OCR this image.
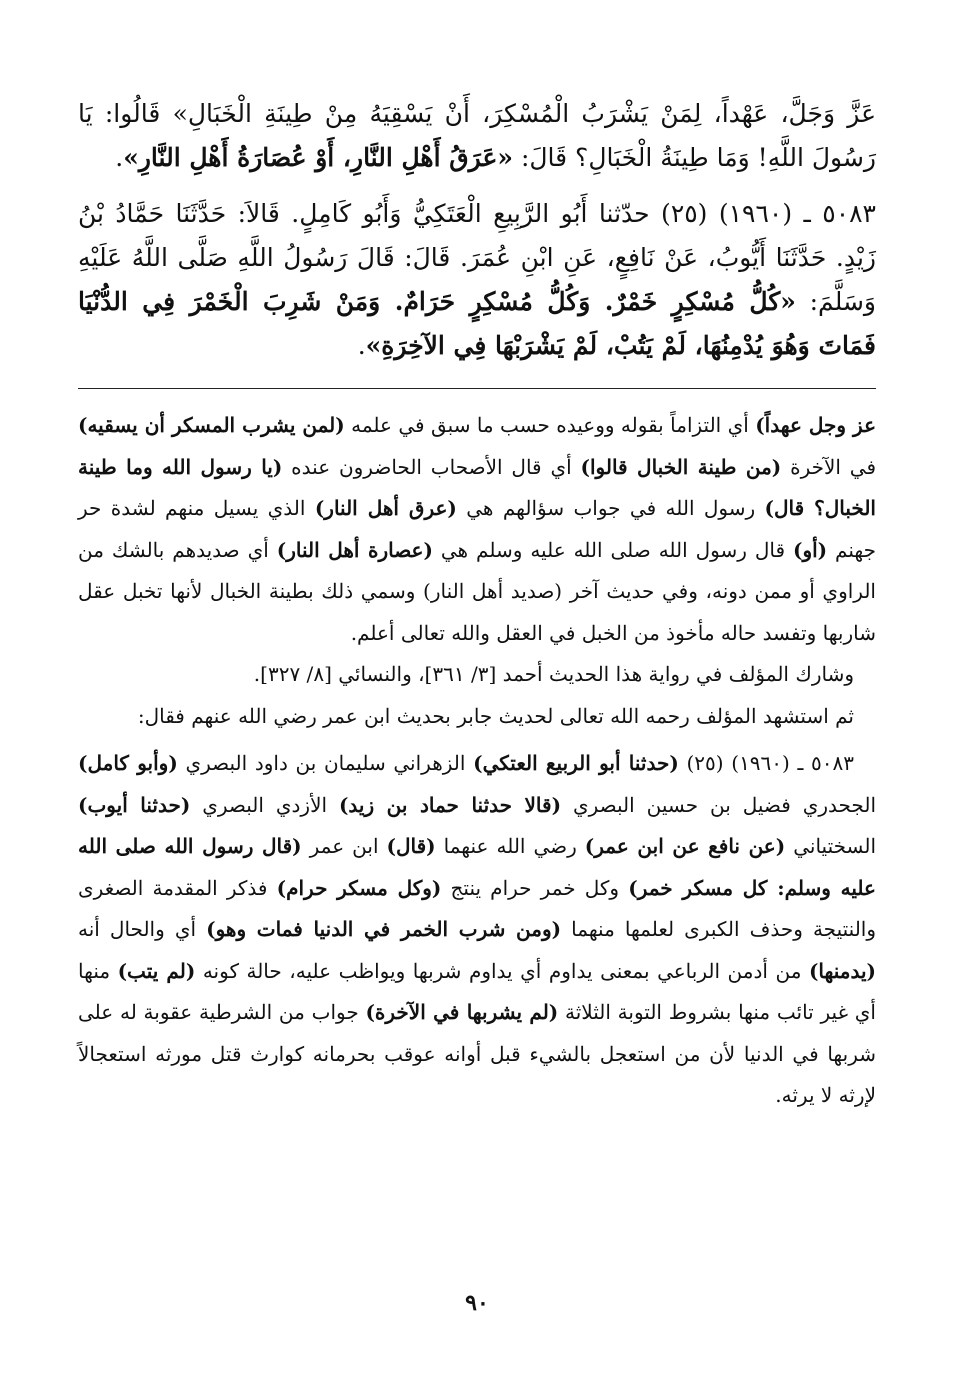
عَزَّ وَجَلَّ، عَهْداً، لِمَنْ يَشْرَبُ الْمُسْكِرَ، أَنْ يَسْقِيَهُ مِنْ طِينَةِ الْخَبَالِ» قَالُوا: يَا رَسُولَ اللَّهِ! وَمَا طِينَةُ الْخَبَالِ؟ قَالَ: «عَرَقُ أَهْلِ النَّارِ، أَوْ عُصَارَةُ أَهْلِ النَّارِ».

٥٠٨٣ ـ (١٩٦٠) (٢٥) حدّثنا أَبُو الرَّبِيعِ الْعَتَكِيُّ وَأَبُو كَامِلٍ. قَالاَ: حَدَّثَنَا حَمَّادُ بْنُ زَيْدٍ. حَدَّثَنَا أَيُّوبُ، عَنْ نَافِعٍ، عَنِ ابْنِ عُمَرَ. قَالَ: قَالَ رَسُولُ اللَّهِ صَلَّى اللَّهُ عَلَيْهِ وَسَلَّمَ: «كُلُّ مُسْكِرٍ خَمْرٌ. وَكُلُّ مُسْكِرٍ حَرَامٌ. وَمَنْ شَرِبَ الْخَمْرَ فِي الدُّنْيَا فَمَاتَ وَهُوَ يُدْمِنُهَا، لَمْ يَتُبْ، لَمْ يَشْرَبْهَا فِي الآخِرَةِ».

عز وجل عهداً) أي التزاماً بقوله ووعيده حسب ما سبق في علمه (لمن يشرب المسكر أن يسقيه) في الآخرة (من طينة الخبال قالوا) أي قال الأصحاب الحاضرون عنده (يا رسول الله وما طينة الخبال؟ قال) رسول الله في جواب سؤالهم هي (عرق أهل النار) الذي يسيل منهم لشدة حر جهنم (أو) قال رسول الله صلى الله عليه وسلم هي (عصارة أهل النار) أي صديدهم بالشك من الراوي أو ممن دونه، وفي حديث آخر (صديد أهل النار) وسمي ذلك بطينة الخبال لأنها تخبل عقل شاربها وتفسد حاله مأخوذ من الخبل في العقل والله تعالى أعلم.

وشارك المؤلف في رواية هذا الحديث أحمد [٣/ ٣٦١]، والنسائي [٨/ ٣٢٧].

ثم استشهد المؤلف رحمه الله تعالى لحديث جابر بحديث ابن عمر رضي الله عنهم فقال:

٥٠٨٣ ـ (١٩٦٠) (٢٥) (حدثنا أبو الربيع العتكي) الزهراني سليمان بن داود البصري (وأبو كامل) الجحدري فضيل بن حسين البصري (قالا حدثنا حماد بن زيد) الأزدي البصري (حدثنا أيوب) السختياني (عن نافع عن ابن عمر) رضي الله عنهما (قال) ابن عمر (قال رسول الله صلى الله عليه وسلم: كل مسكر خمر) وكل خمر حرام ينتج (وكل مسكر حرام) فذكر المقدمة الصغرى والنتيجة وحذف الكبرى لعلمها منهما (ومن شرب الخمر في الدنيا فمات وهو) أي والحال أنه (يدمنها) من أدمن الرباعي بمعنى يداوم أي يداوم شربها ويواظب عليه، حالة كونه (لم يتب) منها أي غير تائب منها بشروط التوبة الثلاثة (لم يشربها في الآخرة) جواب من الشرطية عقوبة له على شربها في الدنيا لأن من استعجل بالشيء قبل أوانه عوقب بحرمانه كوارث قتل مورثه استعجالاً لإرثه لا يرثه.

٩٠
